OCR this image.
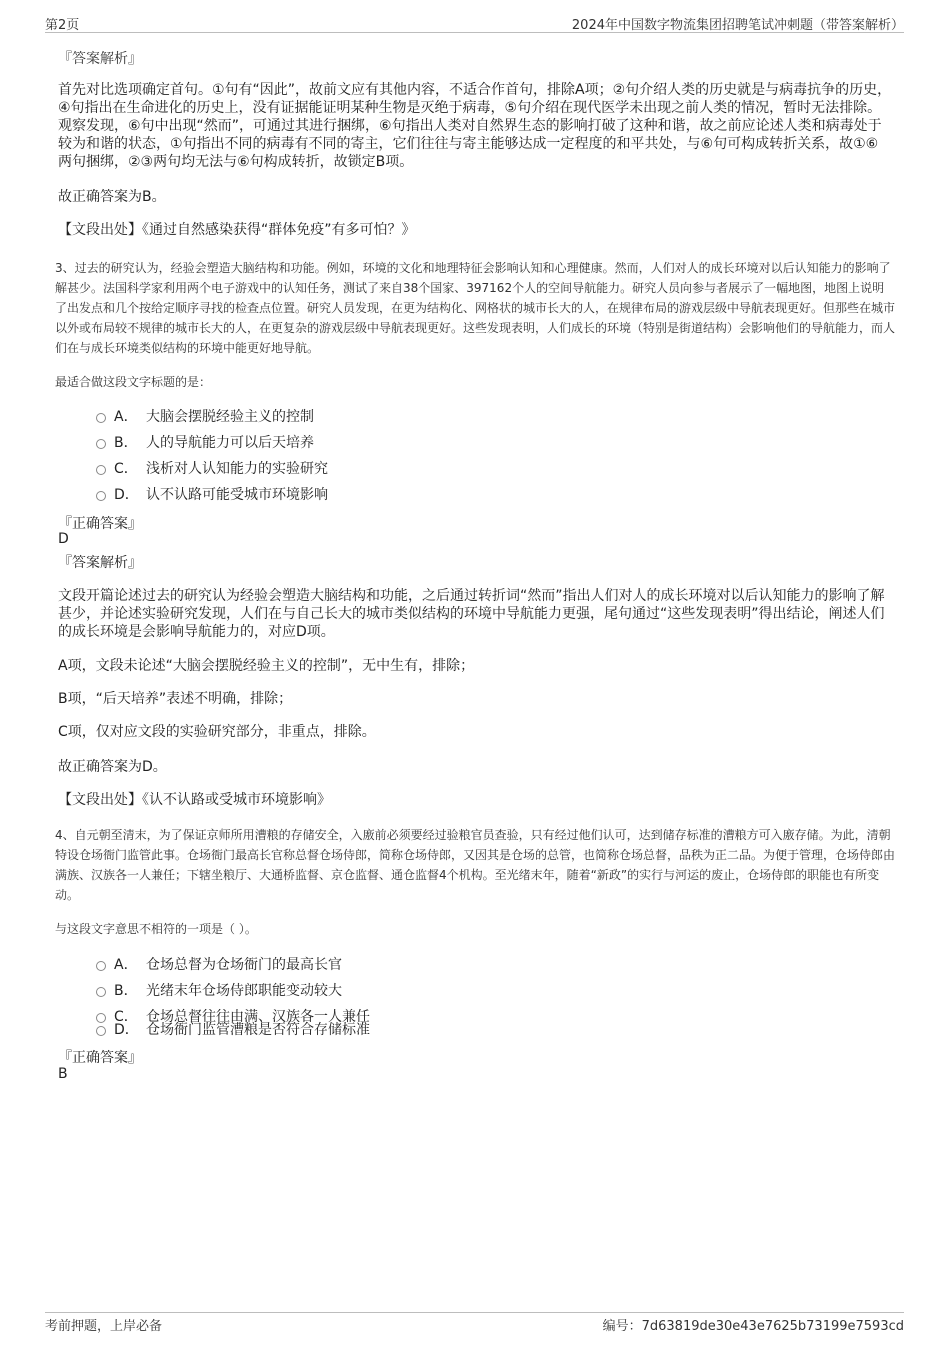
第2页	2024年中国数字物流集团招聘笔试冲刺题（带答案解析）
『答案解析』
首先对比选项确定首句。①句有“因此”，故前文应有其他内容，不适合作首句，排除A项；②句介绍人类的历史就是与病毒抗争的历史，④句指出在生命进化的历史上，没有证据能证明某种生物是灭绝于病毒，⑤句介绍在现代医学未出现之前人类的情况，暂时无法排除。观察发现，⑥句中出现“然而”，可通过其进行捆绑，⑥句指出人类对自然界生态的影响打破了这种和谐，故之前应论述人类和病毒处于较为和谐的状态，①句指出不同的病毒有不同的寄主，它们往往与寄主能够达成一定程度的和平共处，与⑥句可构成转折关系，故①⑥两句捆绑，②③两句均无法与⑥句构成转折，故锁定B项。
故正确答案为B。
【文段出处】《通过自然感染获得“群体免疫”有多可怕？》
3、过去的研究认为，经验会塑造大脑结构和功能。例如，环境的文化和地理特征会影响认知和心理健康。然而，人们对人的成长环境对以后认知能力的影响了解甚少。法国科学家利用两个电子游戏中的认知任务，测试了来自38个国家、397162个人的空间导航能力。研究人员向参与者展示了一幅地图，地图上说明了出发点和几个按给定顺序寻找的检查点位置。研究人员发现，在更为结构化、网格状的城市长大的人，在规律布局的游戏层级中导航表现更好。但那些在城市以外或布局较不规律的城市长大的人，在更复杂的游戏层级中导航表现更好。这些发现表明，人们成长的环境（特别是街道结构）会影响他们的导航能力，而人们在与成长环境类似结构的环境中能更好地导航。
最适合做这段文字标题的是：
A． 大脑会摆脱经验主义的控制
B． 人的导航能力可以后天培养
C． 浅析对人认知能力的实验研究
D． 认不认路可能受城市环境影响
『正确答案』
D
『答案解析』
文段开篇论述过去的研究认为经验会塑造大脑结构和功能，之后通过转折词“然而”指出人们对人的成长环境对以后认知能力的影响了解甚少，并论述实验研究发现，人们在与自己长大的城市类似结构的环境中导航能力更强，尾句通过“这些发现表明”得出结论，阐述人们的成长环境是会影响导航能力的，对应D项。
A项，文段未论述“大脑会摆脱经验主义的控制”，无中生有，排除；
B项，“后天培养”表述不明确，排除；
C项，仅对应文段的实验研究部分，非重点，排除。
故正确答案为D。
【文段出处】《认不认路或受城市环境影响》
4、自元朝至清末，为了保证京师所用漕粮的存储安全，入廒前必须要经过验粮官员查验，只有经过他们认可，达到储存标准的漕粮方可入廒存储。为此，清朝特设仓场衙门监管此事。仓场衙门最高长官称总督仓场侍郎，简称仓场侍郎，又因其是仓场的总管，也简称仓场总督，品秩为正二品。为便于管理，仓场侍郎由满族、汉族各一人兼任；下辖坐粮厅、大通桥监督、京仓监督、通仓监督4个机构。至光绪末年，随着“新政”的实行与河运的废止，仓场侍郎的职能也有所变动。
与这段文字意思不相符的一项是（ ）。
A． 仓场总督为仓场衙门的最高长官
B． 光绪末年仓场侍郎职能变动较大
C． 仓场总督往往由满、汉族各一人兼任
D． 仓场衙门监管漕粮是否符合存储标准
『正确答案』
B
考前押题，上岸必备	编号：7d63819de30e43e7625b73199e7593cd
